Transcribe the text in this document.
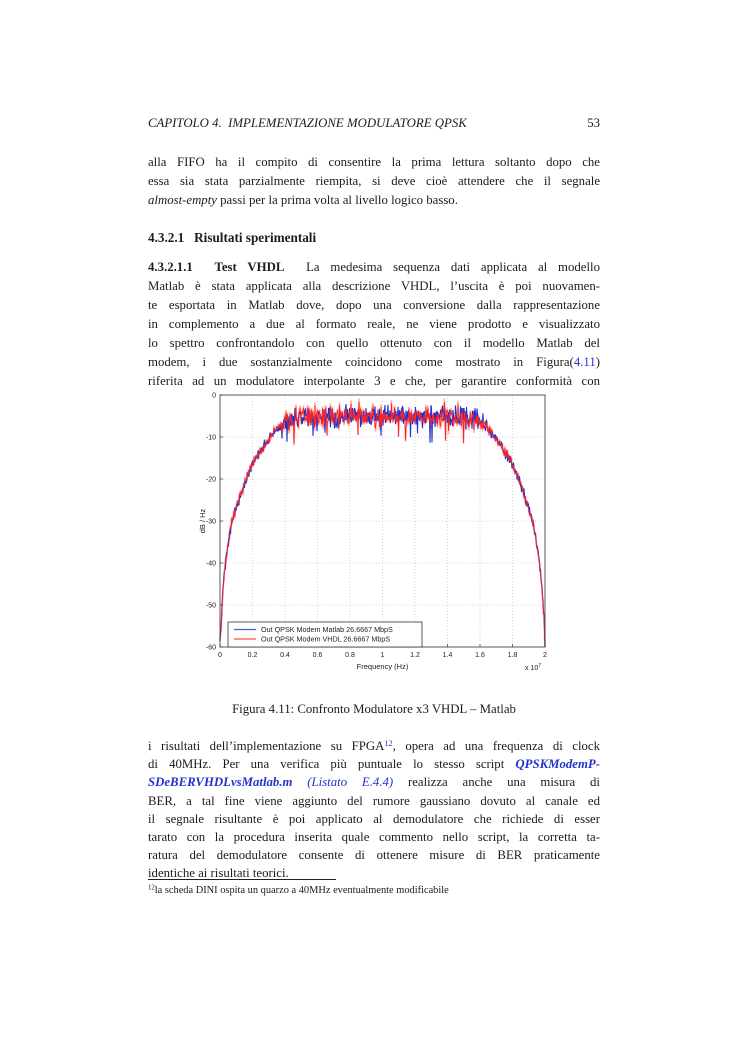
CAPITOLO 4.  IMPLEMENTAZIONE MODULATORE QPSK	53
alla FIFO ha il compito di consentire la prima lettura soltanto dopo che
essa sia stata parzialmente riempita, si deve cioè attendere che il segnale
almost-empty passi per la prima volta al livello logico basso.
4.3.2.1   Risultati sperimentali
4.3.2.1.1  Test VHDL  La medesima sequenza dati applicata al modello
Matlab è stata applicata alla descrizione VHDL, l’uscita è poi nuovamen-
te esportata in Matlab dove, dopo una conversione dalla rappresentazione
in complemento a due al formato reale, ne viene prodotto e visualizzato
lo spettro confrontandolo con quello ottenuto con il modello Matlab del
modem, i due sostanzialmente coincidono come mostrato in Figura(4.11)
riferita ad un modulatore interpolante 3 e che, per garantire conformità con
0	0.2	0.4	0.6	0.8	1	1.2	1.4	1.6	1.8	2
0
-10
-20
-30
-40
-50
-60
Frequency (Hz)
dB / Hz
x $10^7$
Out QPSK Modem Matlab 26.6667 MbpS
Out QPSK Modem VHDL 26.6667 MbpS
Figura 4.11: Confronto Modulatore x3 VHDL – Matlab
i risultati dell’implementazione su FPGA$^{12}$, opera ad una frequenza di clock
di 40MHz. Per una verifica più puntuale lo stesso script QPSKModemP-
SDeBERVHDLvsMatlab.m (Listato E.4.4) realizza anche una misura di
BER, a tal fine viene aggiunto del rumore gaussiano dovuto al canale ed
il segnale risultante è poi applicato al demodulatore che richiede di esser
tarato con la procedura inserita quale commento nello script, la corretta ta-
ratura del demodulatore consente di ottenere misure di BER praticamente
identiche ai risultati teorici.
$^{12}$la scheda DINI ospita un quarzo a 40MHz eventualmente modificabile
